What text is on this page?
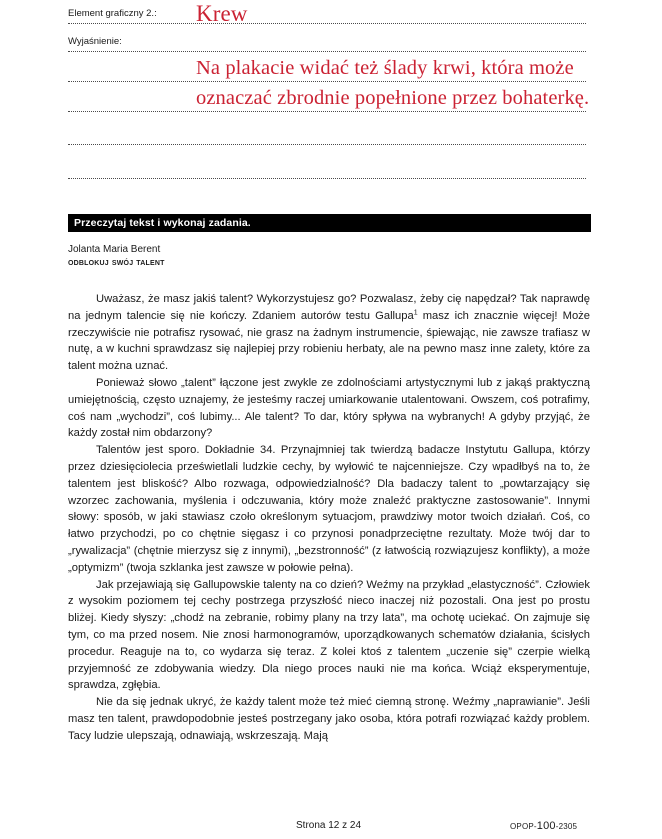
Element graficzny 2.:
Wyjaśnienie:
Krew
Na plakacie widać też ślady krwi, która może oznaczać zbrodnie popełnione przez bohaterkę.
Przeczytaj tekst i wykonaj zadania.
Jolanta Maria Berent
odblokuj swój talent

Uważasz, że masz jakiś talent? Wykorzystujesz go? Pozwalasz, żeby cię napędzał? Tak naprawdę na jednym talencie się nie kończy. Zdaniem autorów testu Gallupa$^1$ masz ich znacznie więcej! Może rzeczywiście nie potrafisz rysować, nie grasz na żadnym instrumencie, śpiewając, nie zawsze trafiasz w nutę, a w kuchni sprawdzasz się najlepiej przy robieniu herbaty, ale na pewno masz inne zalety, które za talent można uznać.

Ponieważ słowo „talent” łączone jest zwykle ze zdolnościami artystycznymi lub z jakąś praktyczną umiejętnością, często uznajemy, że jesteśmy raczej umiarkowanie utalentowani. Owszem, coś potrafimy, coś nam „wychodzi”, coś lubimy... Ale talent? To dar, który spływa na wybranych! A gdyby przyjąć, że każdy został nim obdarzony?

Talentów jest sporo. Dokładnie 34. Przynajmniej tak twierdzą badacze Instytutu Gallupa, którzy przez dziesięciolecia prześwietlali ludzkie cechy, by wyłowić te najcenniejsze. Czy wpadłbyś na to, że talentem jest bliskość? Albo rozwaga, odpowiedzialność? Dla badaczy talent to „powtarzający się wzorzec zachowania, myślenia i odczuwania, który może znaleźć praktyczne zastosowanie”. Innymi słowy: sposób, w jaki stawiasz czoło określonym sytuacjom, prawdziwy motor twoich działań. Coś, co łatwo przychodzi, po co chętnie sięgasz i co przynosi ponadprzeciętne rezultaty. Może twój dar to „rywalizacja” (chętnie mierzysz się z innymi), „bezstronność” (z łatwością rozwiązujesz konflikty), a może „optymizm” (twoja szklanka jest zawsze w połowie pełna).

Jak przejawiają się Gallupowskie talenty na co dzień? Weźmy na przykład „elastyczność”. Człowiek z wysokim poziomem tej cechy postrzega przyszłość nieco inaczej niż pozostali. Ona jest po prostu bliżej. Kiedy słyszy: „chodź na zebranie, robimy plany na trzy lata”, ma ochotę uciekać. On zajmuje się tym, co ma przed nosem. Nie znosi harmonogramów, uporządkowanych schematów działania, ścisłych procedur. Reaguje na to, co wydarza się teraz. Z kolei ktoś z talentem „uczenie się” czerpie wielką przyjemność ze zdobywania wiedzy. Dla niego proces nauki nie ma końca. Wciąż eksperymentuje, sprawdza, zgłębia.

Nie da się jednak ukryć, że każdy talent może też mieć ciemną stronę. Weźmy „naprawianie”. Jeśli masz ten talent, prawdopodobnie jesteś postrzegany jako osoba, która potrafi rozwiązać każdy problem. Tacy ludzie ulepszają, odnawiają, wskrzeszają. Mają

Strona 12 z 24	OPOP-100-2305
